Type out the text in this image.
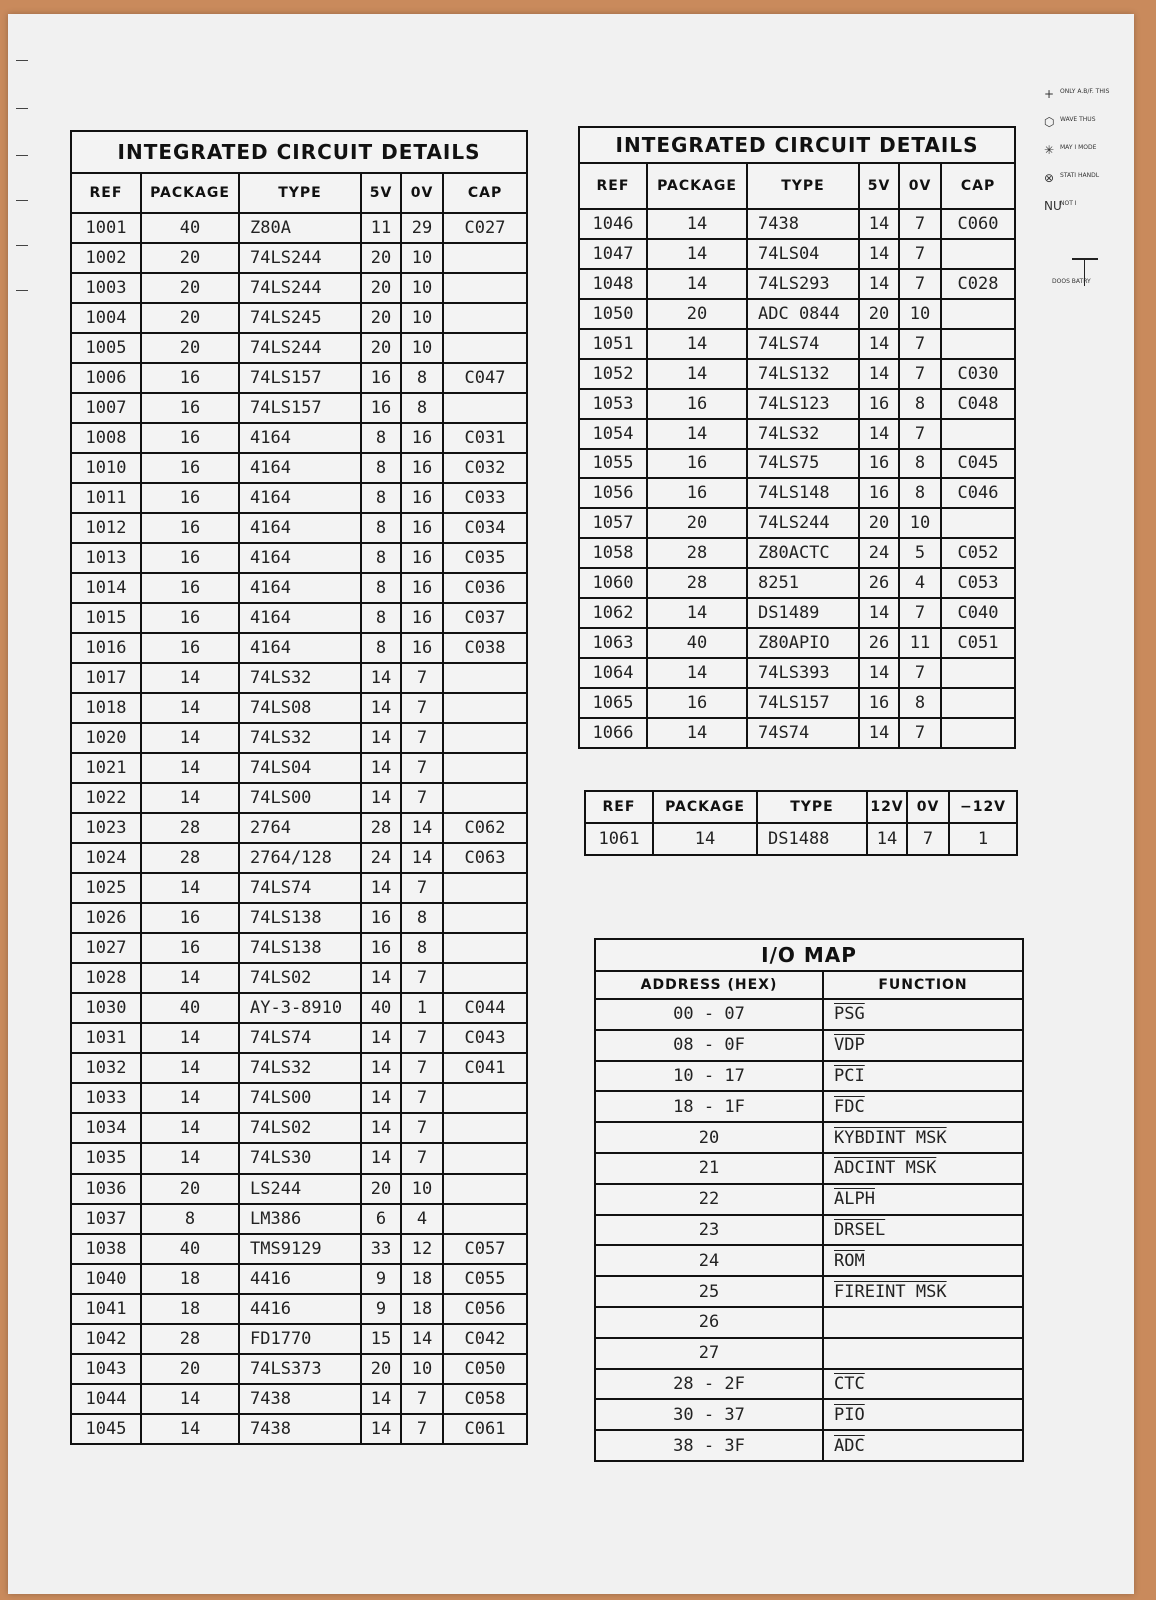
INTEGRATED CIRCUIT DETAILS					
REF	PACKAGE	TYPE	5V	0V	CAP
1001	40	Z80A	11	29	C027
1002	20	74LS244	20	10	
1003	20	74LS244	20	10	
1004	20	74LS245	20	10	
1005	20	74LS244	20	10	
1006	16	74LS157	16	8	C047
1007	16	74LS157	16	8	
1008	16	4164	8	16	C031
1010	16	4164	8	16	C032
1011	16	4164	8	16	C033
1012	16	4164	8	16	C034
1013	16	4164	8	16	C035
1014	16	4164	8	16	C036
1015	16	4164	8	16	C037
1016	16	4164	8	16	C038
1017	14	74LS32	14	7	
1018	14	74LS08	14	7	
1020	14	74LS32	14	7	
1021	14	74LS04	14	7	
1022	14	74LS00	14	7	
1023	28	2764	28	14	C062
1024	28	2764/128	24	14	C063
1025	14	74LS74	14	7	
1026	16	74LS138	16	8	
1027	16	74LS138	16	8	
1028	14	74LS02	14	7	
1030	40	AY-3-8910	40	1	C044
1031	14	74LS74	14	7	C043
1032	14	74LS32	14	7	C041
1033	14	74LS00	14	7	
1034	14	74LS02	14	7	
1035	14	74LS30	14	7	
1036	20	LS244	20	10	
1037	8	LM386	6	4	
1038	40	TMS9129	33	12	C057
1040	18	4416	9	18	C055
1041	18	4416	9	18	C056
1042	28	FD1770	15	14	C042
1043	20	74LS373	20	10	C050
1044	14	7438	14	7	C058
1045	14	7438	14	7	C061
INTEGRATED CIRCUIT DETAILS					
REF	PACKAGE	TYPE	5V	0V	CAP
1046	14	7438	14	7	C060
1047	14	74LS04	14	7	
1048	14	74LS293	14	7	C028
1050	20	ADC 0844	20	10	
1051	14	74LS74	14	7	
1052	14	74LS132	14	7	C030
1053	16	74LS123	16	8	C048
1054	14	74LS32	14	7	
1055	16	74LS75	16	8	C045
1056	16	74LS148	16	8	C046
1057	20	74LS244	20	10	
1058	28	Z80ACTC	24	5	C052
1060	28	8251	26	4	C053
1062	14	DS1489	14	7	C040
1063	40	Z80APIO	26	11	C051
1064	14	74LS393	14	7	
1065	16	74LS157	16	8	
1066	14	74S74	14	7	
REF	PACKAGE	TYPE	12V	0V	−12V
1061	14	DS1488	14	7	1
I/O MAP	
ADDRESS (HEX)	FUNCTION
00 - 07	$\overline{PSG}$
08 - 0F	$\overline{VDP}$
10 - 17	$\overline{PCI}$
18 - 1F	$\overline{FDC}$
20	KYBDINT MSK
21	ADCINT MSK
22	ALPH
23	DRSEL
24	$\overline{ROM}$
25	FIREINT MSK
26	
27	
28 - 2F	$\overline{CTC}$
30 - 37	$\overline{PIO}$
38 - 3F	$\overline{ADC}$
+ ONLY A.B/F. THIS
⬡ WAVE THUS
✳ MAY I MODE
⊗ STATI HANDL
NU
NOT I
DOOS BATRY
